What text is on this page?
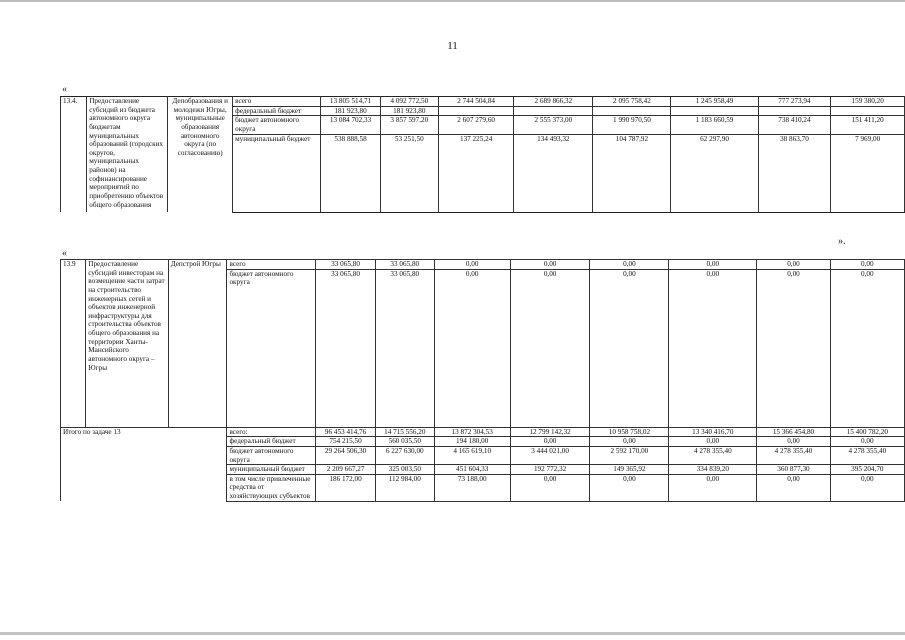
11
«
13.4.	Предоставление субсидий из бюджета автономного округа бюджетам муниципальных образований (городских округов, муниципальных районов) на софинансирование мероприятий по приобретению объектов общего образования	Депобразования и молодежи Югры, муниципальные образования автономного округа (по согласованию)	всего	13 805 514,71	4 092 772,50	2 744 504,84	2 689 866,32	2 095 758,42	1 245 958,49	777 273,94	159 380,20
			федеральный бюджет	181 923,80	181 923,80						
			бюджет автономного округа	13 084 702,33	3 857 597,20	2 607 279,60	2 555 373,00	1 990 970,50	1 183 660,59	738 410,24	151 411,20
			муниципальный бюджет	538 888,58	53 251,50	137 225,24	134 493,32	104 787,92	62 297,90	38 863,70	7 969,00
».
«
13.9	Предоставление субсидий инвесторам на возмещение части затрат на строительство инженерных сетей и объектов инженерной инфраструктуры для строительства объектов общего образования на территории Ханты-Мансийского автономного округа – Югры	Депстрой Югры	всего	33 065,80	33 065,80	0,00	0,00	0,00	0,00	0,00	0,00
			бюджет автономного округа	33 065,80	33 065,80	0,00	0,00	0,00	0,00	0,00	0,00
Итого по задаче 13			всего:	96 453 414,76	14 715 556,20	13 872 304,53	12 799 142,32	10 958 758,02	13 340 416,70	15 366 454,80	15 400 782,20
			федеральный бюджет	754 215,50	560 035,50	194 180,00	0,00	0,00	0,00	0,00	0,00
			бюджет автономного округа	29 264 506,30	6 227 630,00	4 165 619,10	3 444 021,00	2 592 170,00	4 278 355,40	4 278 355,40	4 278 355,40
			муниципальный бюджет	2 209 667,27	325 003,50	451 604,33	192 772,32	149 365,92	334 839,20	360 877,30	395 204,70
			в том числе привлеченные средства от хозяйствующих субъектов	186 172,00	112 984,00	73 188,00	0,00	0,00	0,00	0,00	0,00
